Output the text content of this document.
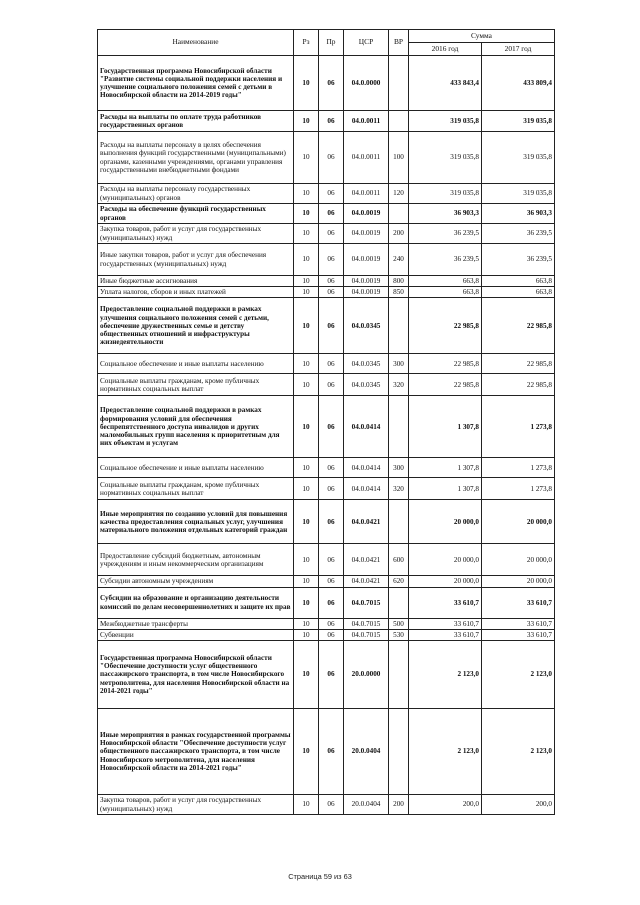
Наименование	Рз	Пр	ЦСР	ВР	Сумма	
					2016 год	2017 год
Государственная программа Новосибирской области "Развитие системы социальной поддержки населения и улучшение социального положения семей с детьми в Новосибирской области на 2014-2019 годы"	10	06	04.0.0000		433 843,4	433 809,4
Расходы на выплаты по оплате труда работников государственных органов	10	06	04.0.0011		319 035,8	319 035,8
Расходы на выплаты персоналу в целях обеспечения выполнения функций государственными (муниципальными) органами, казенными учреждениями, органами управления государственными внебюджетными фондами	10	06	04.0.0011	100	319 035,8	319 035,8
Расходы на выплаты персоналу государственных (муниципальных) органов	10	06	04.0.0011	120	319 035,8	319 035,8
Расходы на обеспечение функций государственных органов	10	06	04.0.0019		36 903,3	36 903,3
Закупка товаров, работ и услуг для государственных (муниципальных) нужд	10	06	04.0.0019	200	36 239,5	36 239,5
Иные закупки товаров, работ и услуг для обеспечения государственных (муниципальных) нужд	10	06	04.0.0019	240	36 239,5	36 239,5
Иные бюджетные ассигнования	10	06	04.0.0019	800	663,8	663,8
Уплата налогов, сборов и иных платежей	10	06	04.0.0019	850	663,8	663,8
Предоставление социальной поддержки в рамках улучшения социального положения семей с детьми, обеспечение дружественных семье и детству общественных отношений и инфраструктуры жизнедеятельности	10	06	04.0.0345		22 985,8	22 985,8
Социальное обеспечение и иные выплаты населению	10	06	04.0.0345	300	22 985,8	22 985,8
Социальные выплаты гражданам, кроме публичных нормативных социальных выплат	10	06	04.0.0345	320	22 985,8	22 985,8
Предоставление социальной поддержки в рамках формирования условий для обеспечения беспрепятственного доступа инвалидов и других маломобильных групп населения к приоритетным для них объектам и услугам	10	06	04.0.0414		1 307,8	1 273,8
Социальное обеспечение и иные выплаты населению	10	06	04.0.0414	300	1 307,8	1 273,8
Социальные выплаты гражданам, кроме публичных нормативных социальных выплат	10	06	04.0.0414	320	1 307,8	1 273,8
Иные мероприятия по созданию условий для повышения качества предоставления социальных услуг, улучшения материального положения отдельных категорий граждан	10	06	04.0.0421		20 000,0	20 000,0
Предоставление субсидий бюджетным, автономным учреждениям и иным некоммерческим организациям	10	06	04.0.0421	600	20 000,0	20 000,0
Субсидии автономным учреждениям	10	06	04.0.0421	620	20 000,0	20 000,0
Субсидии на образование и организацию деятельности комиссий по делам несовершеннолетних и защите их прав	10	06	04.0.7015		33 610,7	33 610,7
Межбюджетные трансферты	10	06	04.0.7015	500	33 610,7	33 610,7
Субвенции	10	06	04.0.7015	530	33 610,7	33 610,7
Государственная программа Новосибирской области "Обеспечение доступности услуг общественного пассажирского транспорта, в том числе Новосибирского метрополитена, для населения Новосибирской области на 2014-2021 годы"	10	06	20.0.0000		2 123,0	2 123,0
Иные мероприятия в рамках государственной программы Новосибирской области "Обеспечение доступности услуг общественного пассажирского транспорта, в том числе Новосибирского метрополитена, для населения Новосибирской области на 2014-2021 годы"	10	06	20.0.0404		2 123,0	2 123,0
Закупка товаров, работ и услуг для государственных (муниципальных) нужд	10	06	20.0.0404	200	200,0	200,0
Страница 59 из 63
